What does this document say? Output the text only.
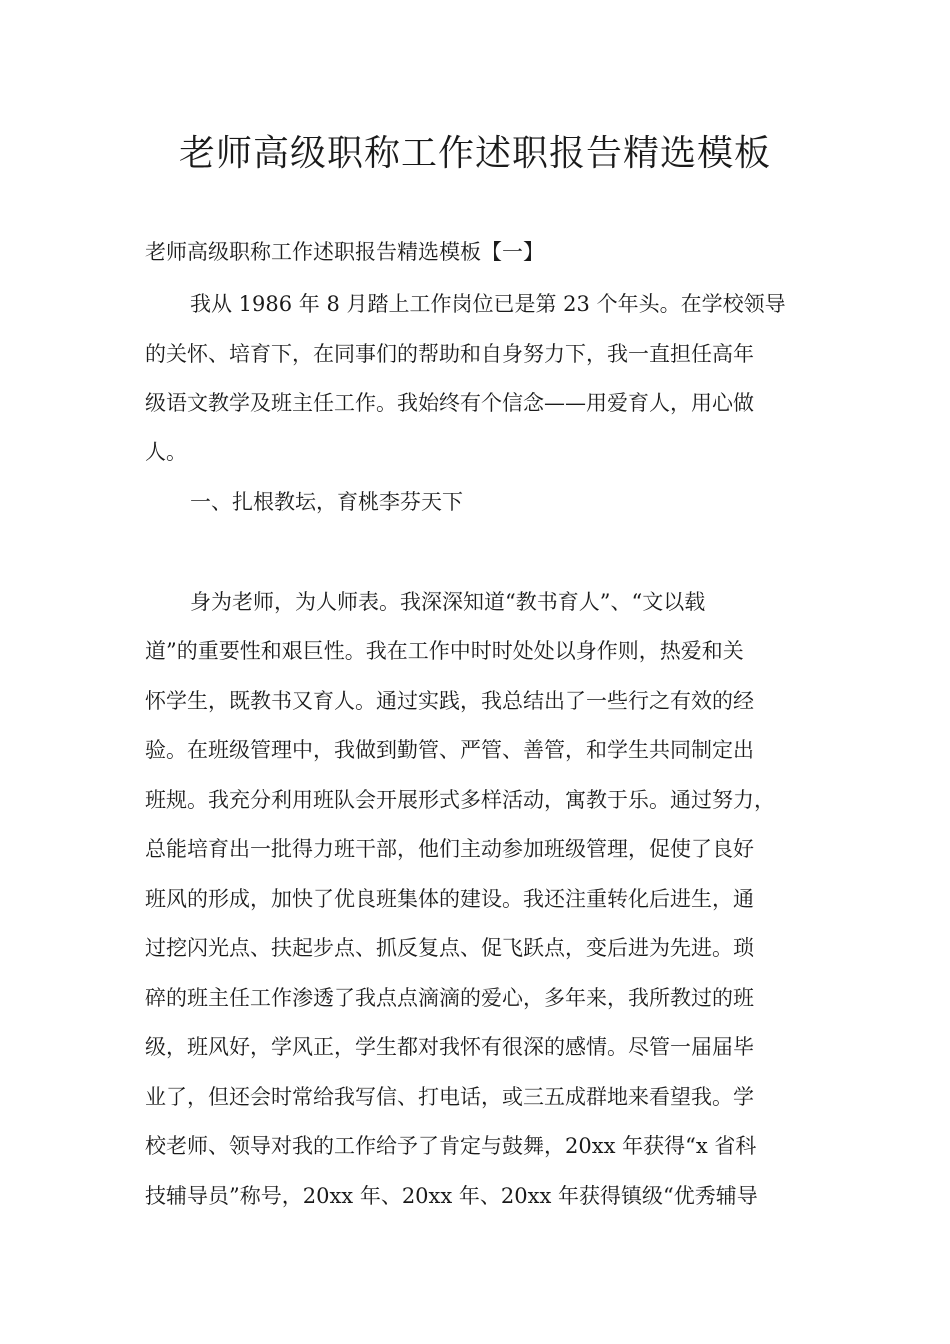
老师高级职称工作述职报告精选模板

老师高级职称工作述职报告精选模板【一】

我从 1986 年 8 月踏上工作岗位已是第 23 个年头。在学校领导

的关怀、培育下，在同事们的帮助和自身努力下，我一直担任高年

级语文教学及班主任工作。我始终有个信念——用爱育人，用心做

人。

一、扎根教坛，育桃李芬天下

身为老师，为人师表。我深深知道“教书育人”、“文以载

道”的重要性和艰巨性。我在工作中时时处处以身作则，热爱和关

怀学生，既教书又育人。通过实践，我总结出了一些行之有效的经

验。在班级管理中，我做到勤管、严管、善管，和学生共同制定出

班规。我充分利用班队会开展形式多样活动，寓教于乐。通过努力，

总能培育出一批得力班干部，他们主动参加班级管理，促使了良好

班风的形成，加快了优良班集体的建设。我还注重转化后进生，通

过挖闪光点、扶起步点、抓反复点、促飞跃点，变后进为先进。琐

碎的班主任工作渗透了我点点滴滴的爱心，多年来，我所教过的班

级，班风好，学风正，学生都对我怀有很深的感情。尽管一届届毕

业了，但还会时常给我写信、打电话，或三五成群地来看望我。学

校老师、领导对我的工作给予了肯定与鼓舞，20xx 年获得“x 省科

技辅导员”称号，20xx 年、20xx 年、20xx 年获得镇级“优秀辅导
